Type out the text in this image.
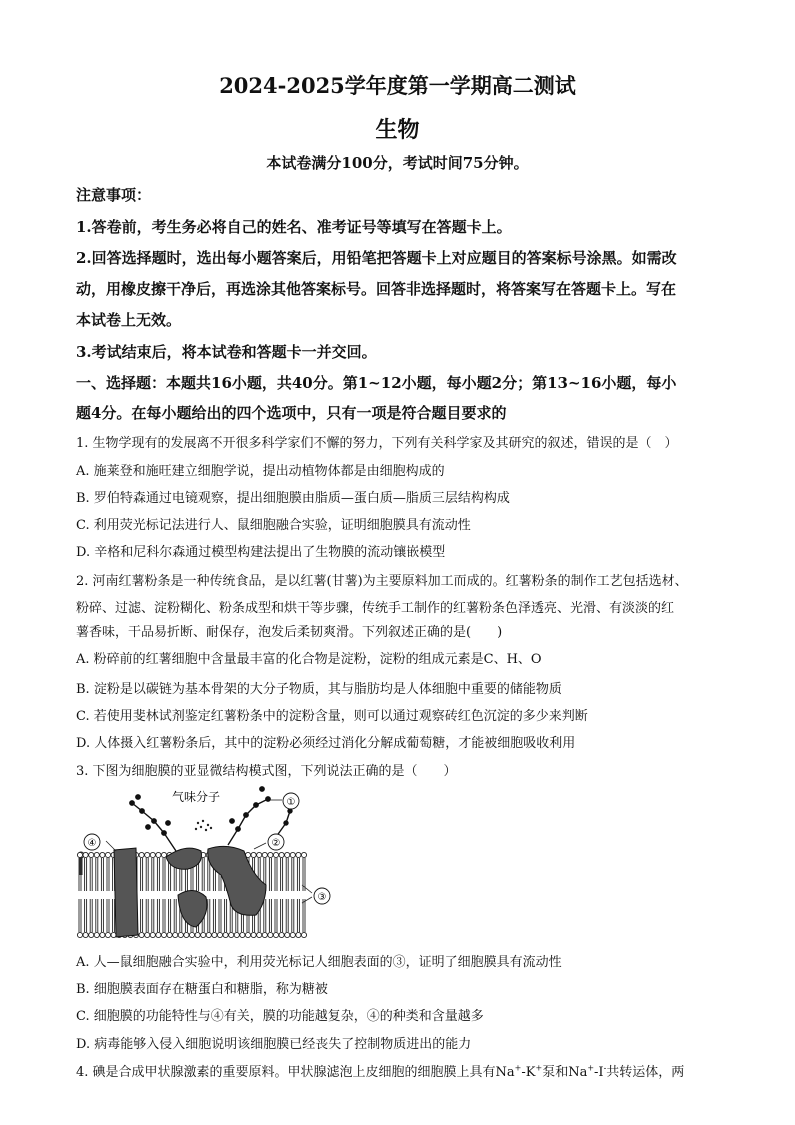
2024-2025学年度第一学期高二测试
生物
本试卷满分100分，考试时间75分钟。
注意事项：
1.答卷前，考生务必将自己的姓名、准考证号等填写在答题卡上。
2.回答选择题时，选出每小题答案后，用铅笔把答题卡上对应题目的答案标号涂黑。如需改
动，用橡皮擦干净后，再选涂其他答案标号。回答非选择题时，将答案写在答题卡上。写在
本试卷上无效。
3.考试结束后，将本试卷和答题卡一并交回。
一、选择题：本题共16小题，共40分。第1~12小题，每小题2分；第13~16小题，每小
题4分。在每小题给出的四个选项中，只有一项是符合题目要求的
1. 生物学现有的发展离不开很多科学家们不懈的努力，下列有关科学家及其研究的叙述，错误的是（　）
A. 施莱登和施旺建立细胞学说，提出动植物体都是由细胞构成的
B. 罗伯特森通过电镜观察，提出细胞膜由脂质—蛋白质—脂质三层结构构成
C. 利用荧光标记法进行人、鼠细胞融合实验，证明细胞膜具有流动性
D. 辛格和尼科尔森通过模型构建法提出了生物膜的流动镶嵌模型
2. 河南红薯粉条是一种传统食品，是以红薯(甘薯)为主要原料加工而成的。红薯粉条的制作工艺包括选材、
粉碎、过滤、淀粉糊化、粉条成型和烘干等步骤，传统手工制作的红薯粉条色泽透亮、光滑、有淡淡的红
薯香味，干品易折断、耐保存，泡发后柔韧爽滑。下列叙述正确的是(　　)
A. 粉碎前的红薯细胞中含量最丰富的化合物是淀粉，淀粉的组成元素是C、H、O
B. 淀粉是以碳链为基本骨架的大分子物质，其与脂肪均是人体细胞中重要的储能物质
C. 若使用斐林试剂鉴定红薯粉条中的淀粉含量，则可以通过观察砖红色沉淀的多少来判断
D. 人体摄入红薯粉条后，其中的淀粉必须经过消化分解成葡萄糖，才能被细胞吸收利用
3. 下图为细胞膜的亚显微结构模式图，下列说法正确的是（　　）
①
②
③
④
气味分子
A. 人—鼠细胞融合实验中，利用荧光标记人细胞表面的③，证明了细胞膜具有流动性
B. 细胞膜表面存在糖蛋白和糖脂，称为糖被
C. 细胞膜的功能特性与④有关，膜的功能越复杂，④的种类和含量越多
D. 病毒能够入侵入细胞说明该细胞膜已经丧失了控制物质进出的能力
4. 碘是合成甲状腺激素的重要原料。甲状腺滤泡上皮细胞的细胞膜上具有Na+-K+泵和Na+-I-共转运体，两
